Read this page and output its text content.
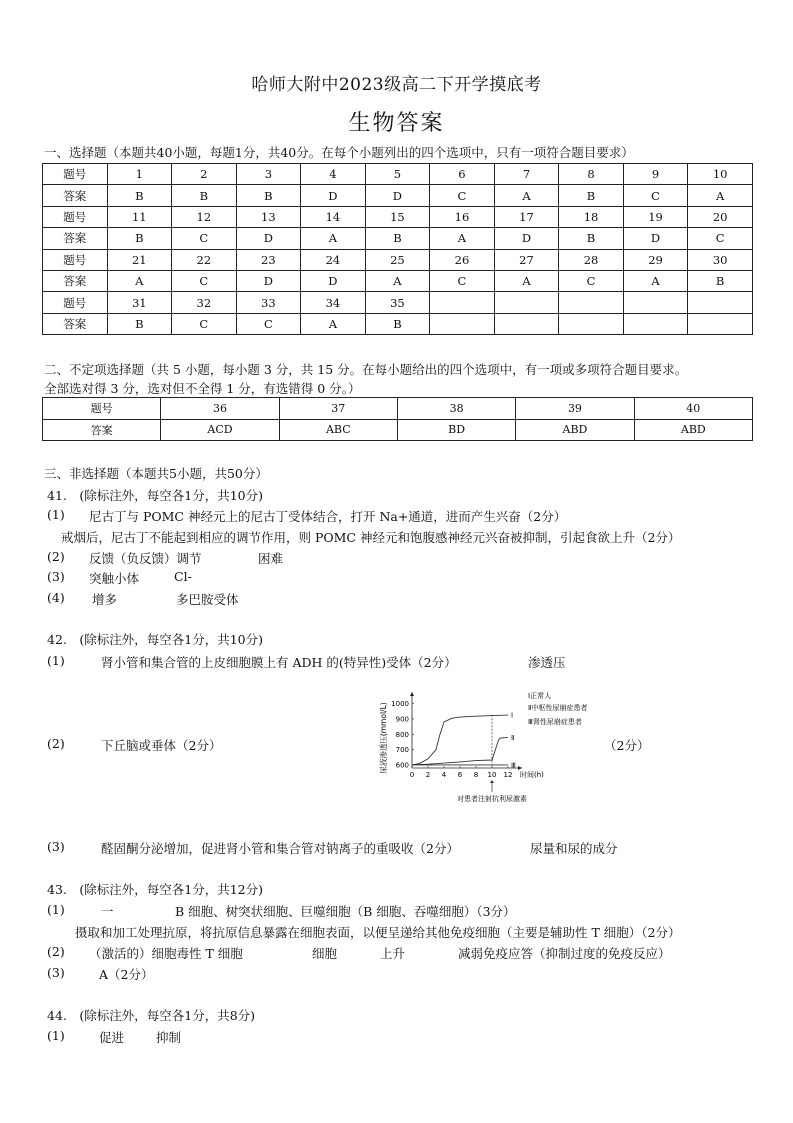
哈师大附中2023级高二下开学摸底考
生物答案
一、选择题（本题共40小题，每题1分，共40分。在每个小题列出的四个选项中，只有一项符合题目要求）
题号	1	2	3	4	5	6	7	8	9	10
答案	B	B	B	D	D	C	A	B	C	A
题号	11	12	13	14	15	16	17	18	19	20
答案	B	C	D	A	B	A	D	B	D	C
题号	21	22	23	24	25	26	27	28	29	30
答案	A	C	D	D	A	C	A	C	A	B
题号	31	32	33	34	35					
答案	B	C	C	A	B					
二、不定项选择题（共 5 小题，每小题 3 分，共 15 分。在每小题给出的四个选项中，有一项或多项符合题目要求。
全部选对得 3 分，选对但不全得 1 分，有选错得 0 分。）
题号	36	37	38	39	40
答案	ACD	ABC	BD	ABD	ABD
三、非选择题（本题共5小题，共50分）
41.　(除标注外，每空各1分，共10分)
(1) 尼古丁与 POMC 神经元上的尼古丁受体结合，打开 Na+通道，进而产生兴奋（2分）
戒烟后，尼古丁不能起到相应的调节作用，则 POMC 神经元和饱腹感神经元兴奋被抑制，引起食欲上升（2分）
(2) 反馈（负反馈）调节	困难
(3) 突触小体	Cl-
(4) 增多	多巴胺受体
42.　(除标注外，每空各1分，共10分)
(1)	肾小管和集合管的上皮细胞膜上有 ADH 的(特异性)受体（2分）	渗透压
(2)	下丘脑或垂体（2分）	（2分）
尿液渗透压(mmol/L)
0 2 4 6 8 10 12 时间(h)
600
700
800
900
1000
Ⅰ
Ⅰ正常人
Ⅱ
Ⅱ中枢性尿崩症患者
Ⅲ
Ⅲ肾性尿崩症患者
对患者注射抗利尿激素
(3)	醛固酮分泌增加，促进肾小管和集合管对钠离子的重吸收（2分）	尿量和尿的成分
43.　(除标注外，每空各1分，共12分)
(1)	一	B 细胞、树突状细胞、巨噬细胞（B 细胞、吞噬细胞）（3分）
摄取和加工处理抗原，将抗原信息暴露在细胞表面，以便呈递给其他免疫细胞（主要是辅助性 T 细胞）（2分）
(2) （激活的）细胞毒性 T 细胞	细胞	上升	减弱免疫应答（抑制过度的免疫反应）
(3)	A（2分）
44.　(除标注外，每空各1分，共8分)
(1)	促进	抑制
